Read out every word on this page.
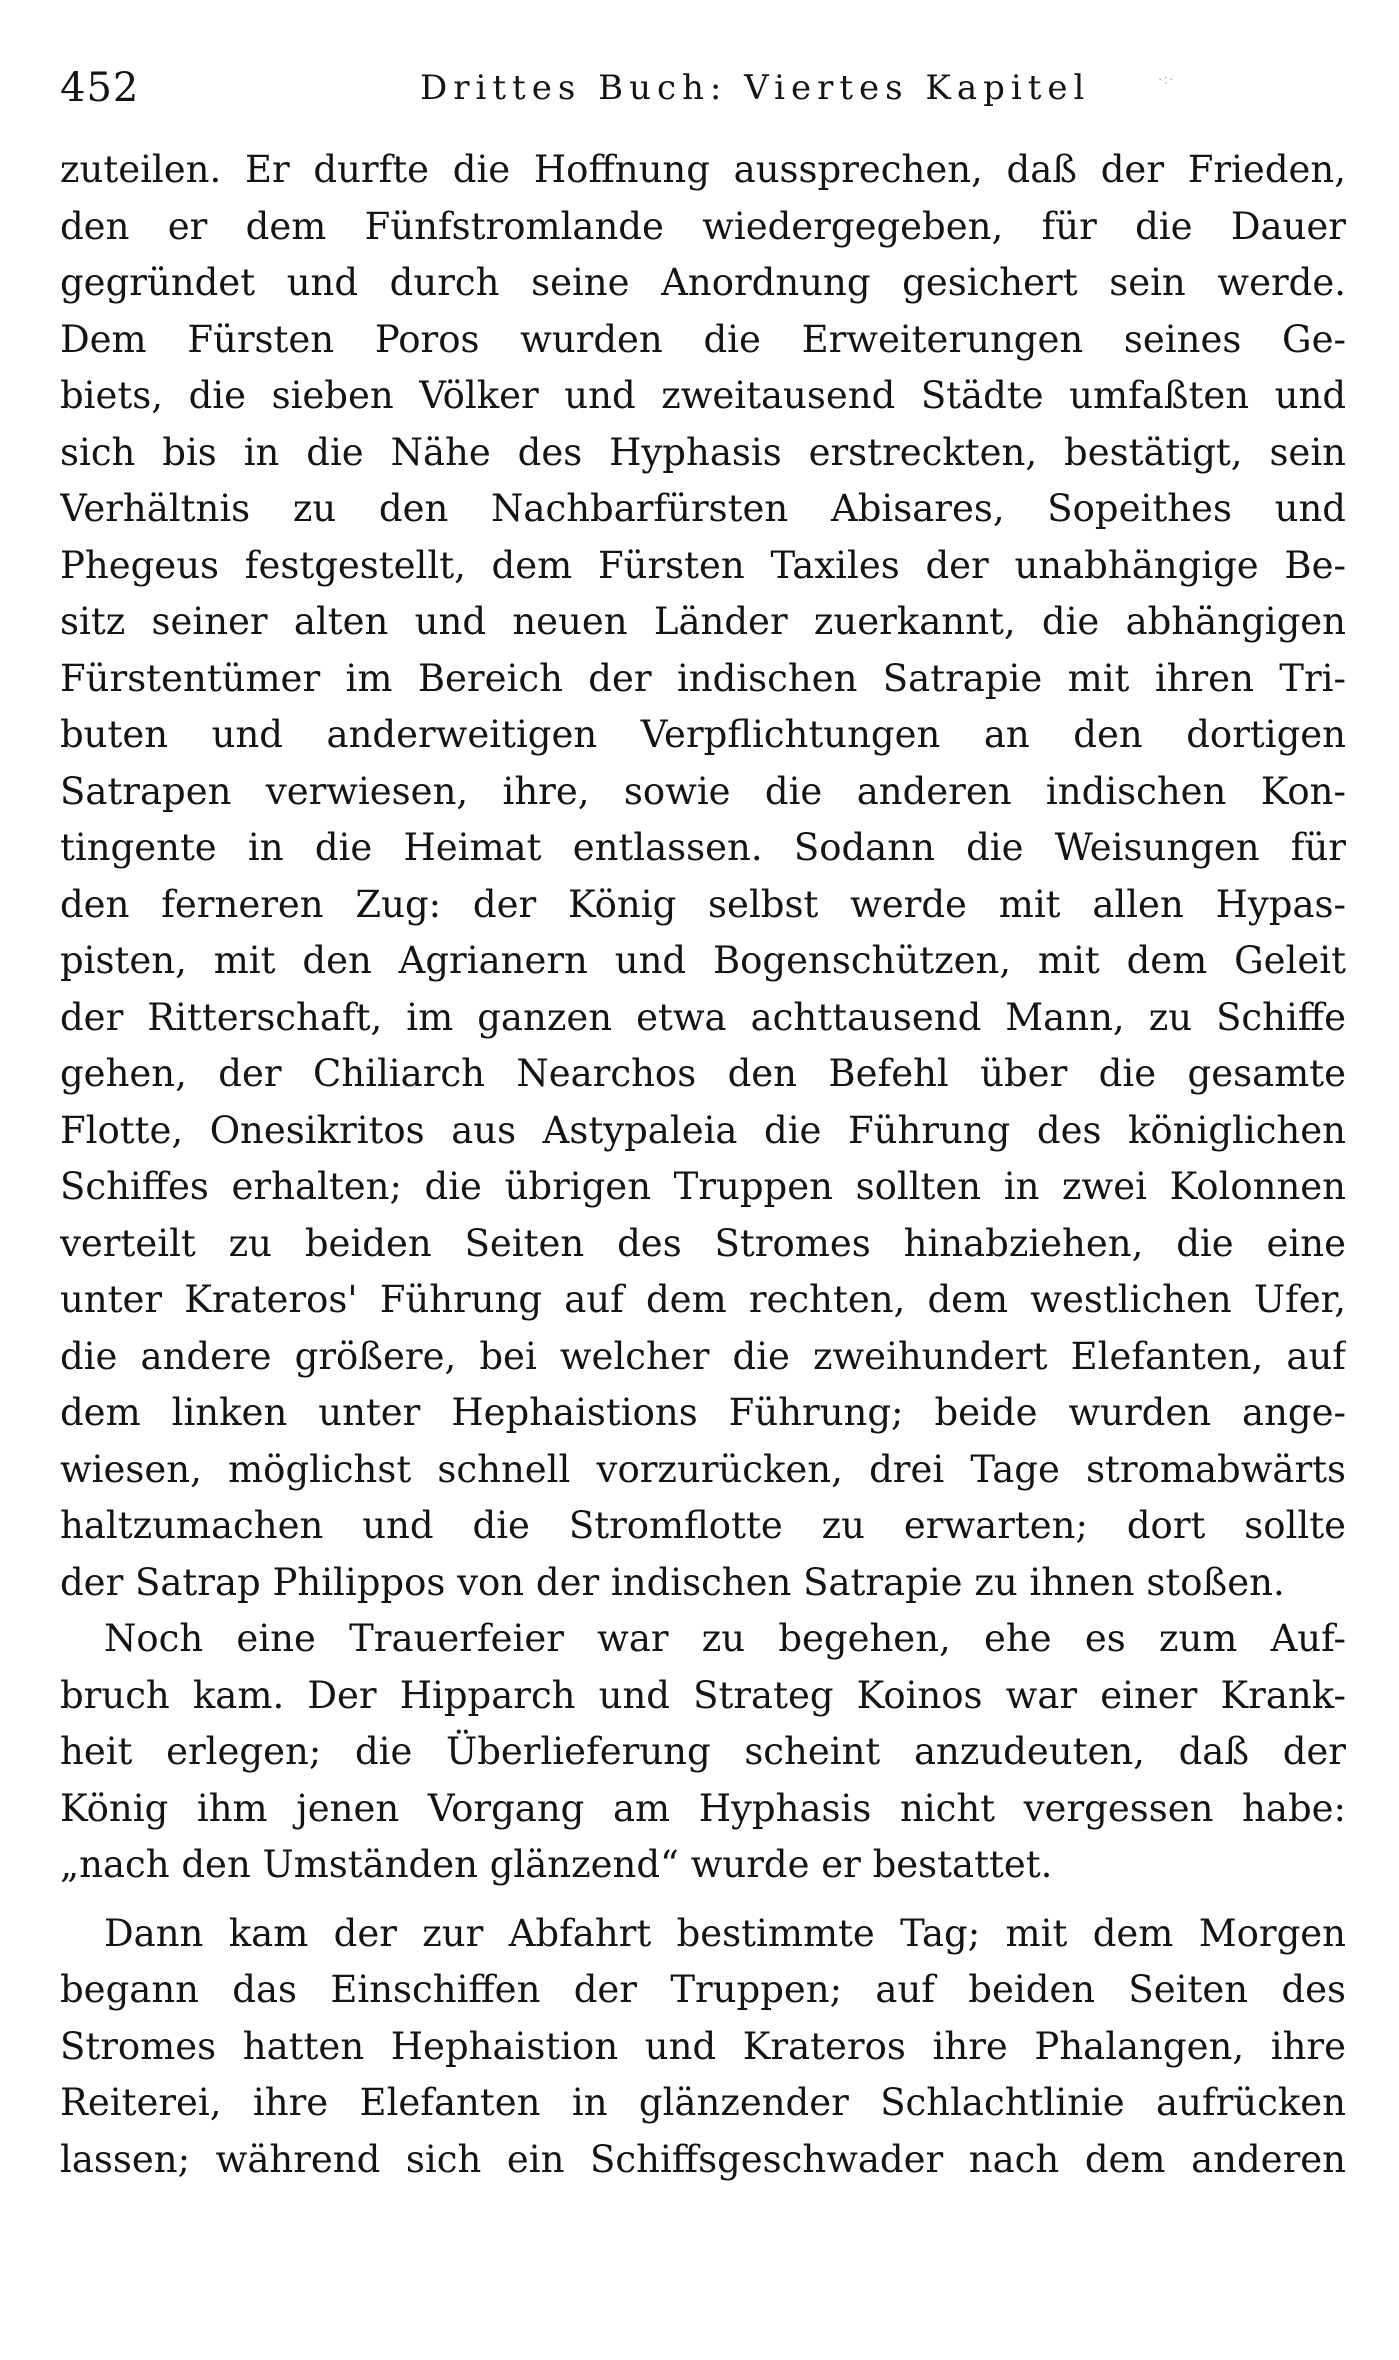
452	Drittes Buch: Viertes Kapitel	·:·
zuteilen. Er durfte die Hoffnung aussprechen, daß der Frieden,
den er dem Fünfstromlande wiedergegeben, für die Dauer
gegründet und durch seine Anordnung gesichert sein werde.
Dem Fürsten Poros wurden die Erweiterungen seines Ge-
biets, die sieben Völker und zweitausend Städte umfaßten und
sich bis in die Nähe des Hyphasis erstreckten, bestätigt, sein
Verhältnis zu den Nachbarfürsten Abisares, Sopeithes und
Phegeus festgestellt, dem Fürsten Taxiles der unabhängige Be-
sitz seiner alten und neuen Länder zuerkannt, die abhängigen
Fürstentümer im Bereich der indischen Satrapie mit ihren Tri-
buten und anderweitigen Verpflichtungen an den dortigen
Satrapen verwiesen, ihre, sowie die anderen indischen Kon-
tingente in die Heimat entlassen. Sodann die Weisungen für
den ferneren Zug: der König selbst werde mit allen Hypas-
pisten, mit den Agrianern und Bogenschützen, mit dem Geleit
der Ritterschaft, im ganzen etwa achttausend Mann, zu Schiffe
gehen, der Chiliarch Nearchos den Befehl über die gesamte
Flotte, Onesikritos aus Astypaleia die Führung des königlichen
Schiffes erhalten; die übrigen Truppen sollten in zwei Kolonnen
verteilt zu beiden Seiten des Stromes hinabziehen, die eine
unter Krateros' Führung auf dem rechten, dem westlichen Ufer,
die andere größere, bei welcher die zweihundert Elefanten, auf
dem linken unter Hephaistions Führung; beide wurden ange-
wiesen, möglichst schnell vorzurücken, drei Tage stromabwärts
haltzumachen und die Stromflotte zu erwarten; dort sollte
der Satrap Philippos von der indischen Satrapie zu ihnen stoßen.
Noch eine Trauerfeier war zu begehen, ehe es zum Auf-
bruch kam. Der Hipparch und Strateg Koinos war einer Krank-
heit erlegen; die Überlieferung scheint anzudeuten, daß der
König ihm jenen Vorgang am Hyphasis nicht vergessen habe:
„nach den Umständen glänzend“ wurde er bestattet.
Dann kam der zur Abfahrt bestimmte Tag; mit dem Morgen
begann das Einschiffen der Truppen; auf beiden Seiten des
Stromes hatten Hephaistion und Krateros ihre Phalangen, ihre
Reiterei, ihre Elefanten in glänzender Schlachtlinie aufrücken
lassen; während sich ein Schiffsgeschwader nach dem anderen
